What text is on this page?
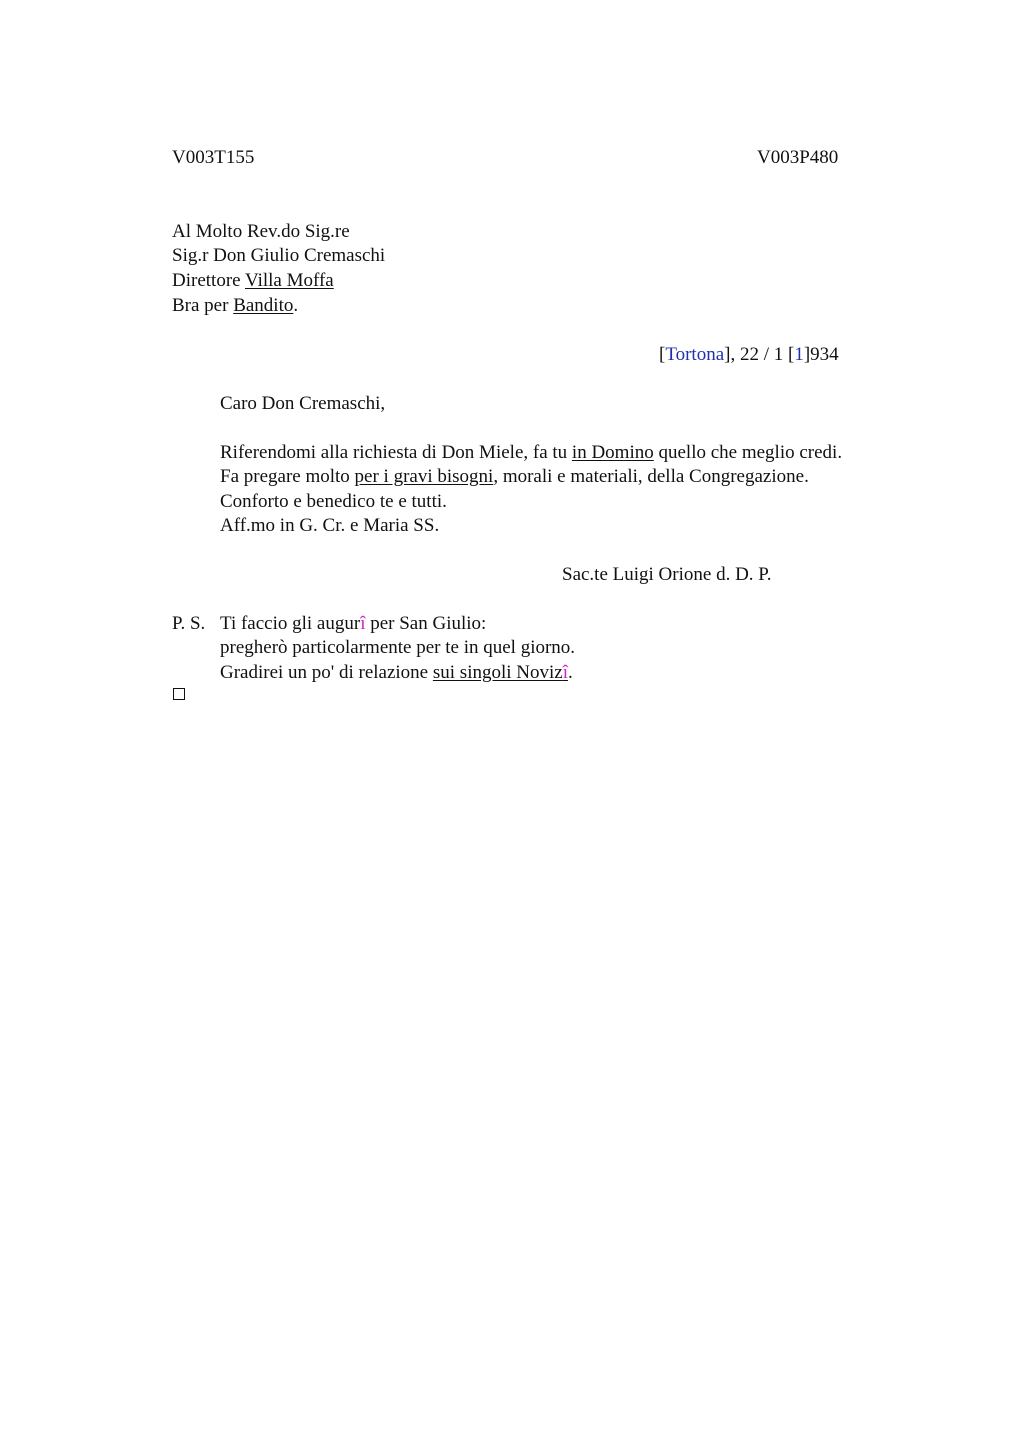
V003T155	V003P480
Al Molto Rev.do Sig.re
Sig.r Don Giulio Cremaschi
Direttore Villa Moffa
Bra per Bandito.
[Tortona], 22 / 1 [1]934
Caro Don Cremaschi,
Riferendomi alla richiesta di Don Miele, fa tu in Domino quello che meglio credi.
Fa pregare molto per i gravi bisogni, morali e materiali, della Congregazione.
Conforto e benedico te e tutti.
Aff.mo in G. Cr. e Maria SS.
Sac.te Luigi Orione d. D. P.
P. S. Ti faccio gli augurî per San Giulio:
pregherò particolarmente per te in quel giorno.
Gradirei un po' di relazione sui singoli Novizî.
